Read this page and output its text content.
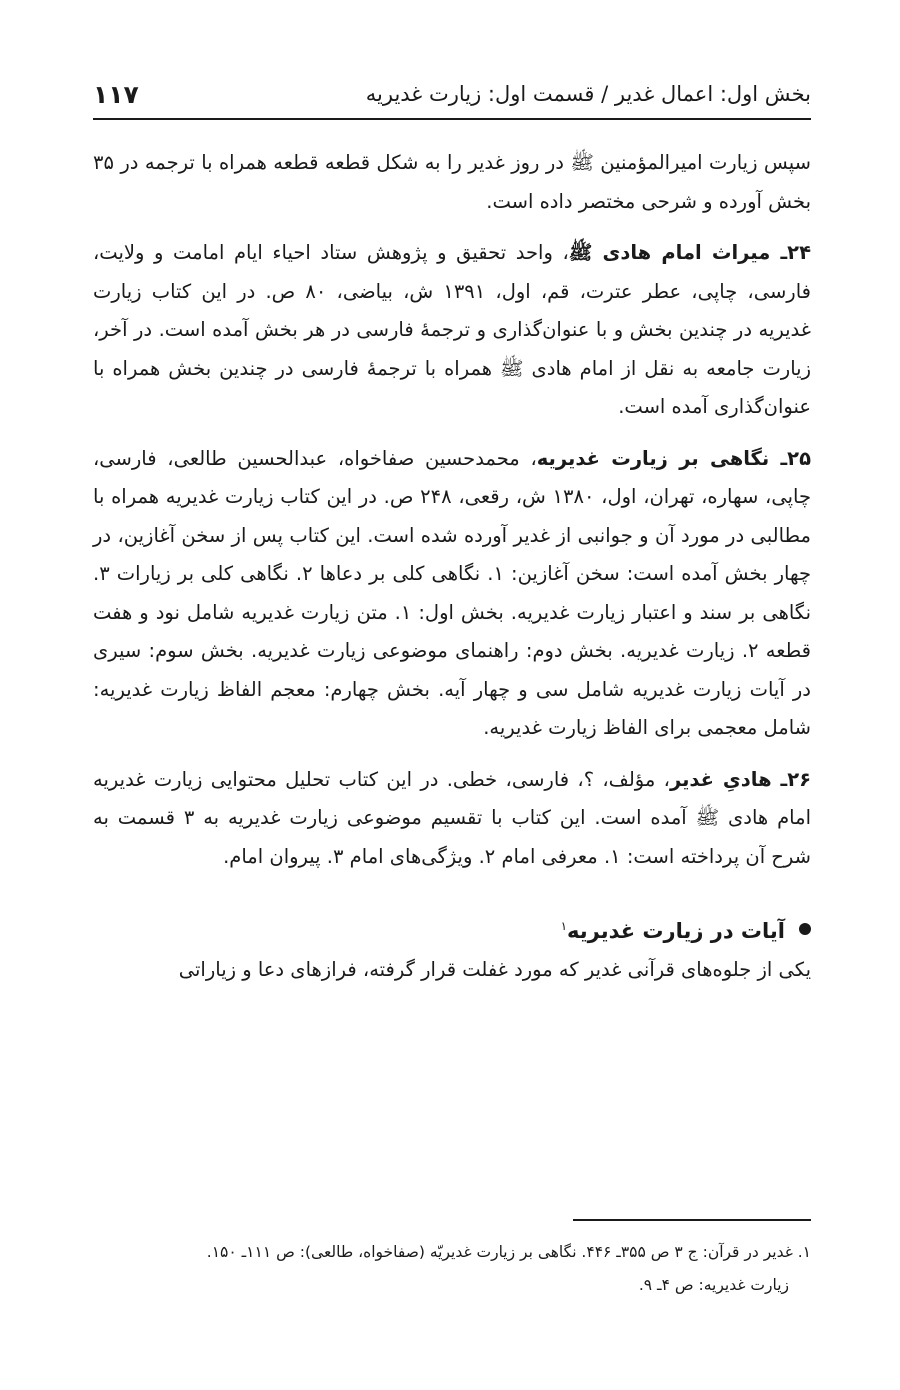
بخش اول: اعمال غدیر / قسمت اول: زیارت غدیریه
۱۱۷

سپس زیارت امیرالمؤمنین ﷺ در روز غدیر را به شکل قطعه قطعه همراه با ترجمه در ۳۵ بخش آورده و شرحی مختصر داده است.

۲۴ـ میراث امام هادی ﷺ، واحد تحقیق و پژوهش ستاد احیاء ایام امامت و ولایت، فارسی، چاپی، عطر عترت، قم، اول، ۱۳۹۱ ش، بیاضی، ۸۰ ص. در این کتاب زیارت غدیریه در چندین بخش و با عنوان‌گذاری و ترجمهٔ فارسی در هر بخش آمده است. در آخر، زیارت جامعه به نقل از امام هادی ﷺ همراه با ترجمهٔ فارسی در چندین بخش همراه با عنوان‌گذاری آمده است.

۲۵ـ نگاهی بر زیارت غدیریه، محمدحسین صفاخواه، عبدالحسین طالعی، فارسی، چاپی، سهاره، تهران، اول، ۱۳۸۰ ش، رقعی، ۲۴۸ ص. در این کتاب زیارت غدیریه همراه با مطالبی در مورد آن و جوانبی از غدیر آورده شده است. این کتاب پس از سخن آغازین، در چهار بخش آمده است: سخن آغازین: ۱. نگاهی کلی بر دعاها ۲. نگاهی کلی بر زیارات ۳. نگاهی بر سند و اعتبار زیارت غدیریه. بخش اول: ۱. متن زیارت غدیریه شامل نود و هفت قطعه ۲. زیارت غدیریه. بخش دوم: راهنمای موضوعی زیارت غدیریه. بخش سوم: سیری در آیات زیارت غدیریه شامل سی و چهار آیه. بخش چهارم: معجم الفاظ زیارت غدیریه: شامل معجمی برای الفاظ زیارت غدیریه.

۲۶ـ هادیِ غدیر، مؤلف، ؟، فارسی، خطی. در این کتاب تحلیل محتوایی زیارت غدیریه امام هادی ﷺ آمده است. این کتاب با تقسیم موضوعی زیارت غدیریه به ۳ قسمت به شرح آن پرداخته است: ۱. معرفی امام ۲. ویژگی‌های امام ۳. پیروان امام.

آیات در زیارت غدیریه$^۱$

یکی از جلوه‌های قرآنی غدیر که مورد غفلت قرار گرفته، فرازهای دعا و زیاراتی

۱. غدیر در قرآن: ج ۳ ص ۳۵۵ـ ۴۴۶. نگاهی بر زیارت غدیریّه (صفاخواه، طالعی): ص ۱۱۱ـ ۱۵۰.
زیارت غدیریه: ص ۴ـ ۹.
